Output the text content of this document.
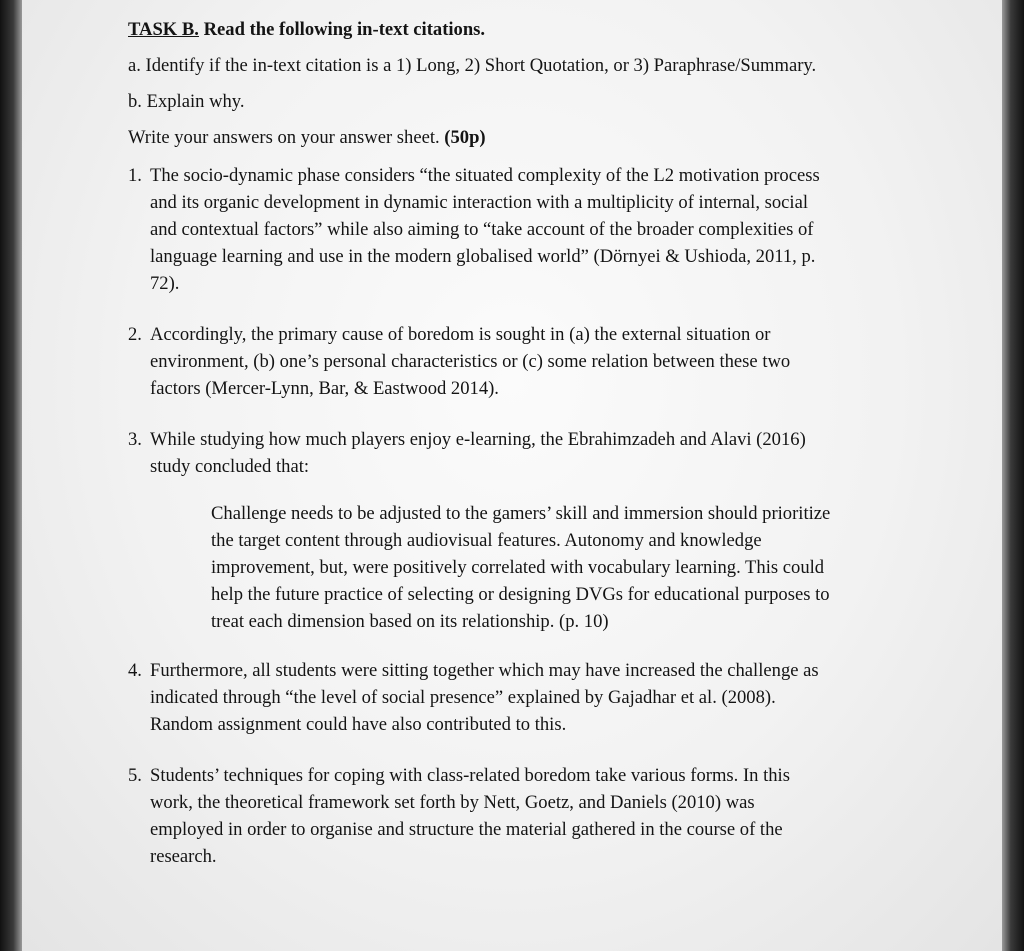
TASK B. Read the following in-text citations.

a. Identify if the in-text citation is a 1) Long, 2) Short Quotation, or 3) Paraphrase/Summary.

b. Explain why.

Write your answers on your answer sheet. (50p)

1. The socio-dynamic phase considers “the situated complexity of the L2 motivation process

and its organic development in dynamic interaction with a multiplicity of internal, social

and contextual factors” while also aiming to “take account of the broader complexities of

language learning and use in the modern globalised world” (Dörnyei & Ushioda, 2011, p.

72).

2. Accordingly, the primary cause of boredom is sought in (a) the external situation or

environment, (b) one’s personal characteristics or (c) some relation between these two

factors (Mercer-Lynn, Bar, & Eastwood 2014).

3. While studying how much players enjoy e-learning, the Ebrahimzadeh and Alavi (2016)

study concluded that:

Challenge needs to be adjusted to the gamers’ skill and immersion should prioritize

the target content through audiovisual features. Autonomy and knowledge

improvement, but, were positively correlated with vocabulary learning. This could

help the future practice of selecting or designing DVGs for educational purposes to

treat each dimension based on its relationship. (p. 10)

4. Furthermore, all students were sitting together which may have increased the challenge as

indicated through “the level of social presence” explained by Gajadhar et al. (2008).

Random assignment could have also contributed to this.

5. Students’ techniques for coping with class-related boredom take various forms. In this

work, the theoretical framework set forth by Nett, Goetz, and Daniels (2010) was

employed in order to organise and structure the material gathered in the course of the

research.
